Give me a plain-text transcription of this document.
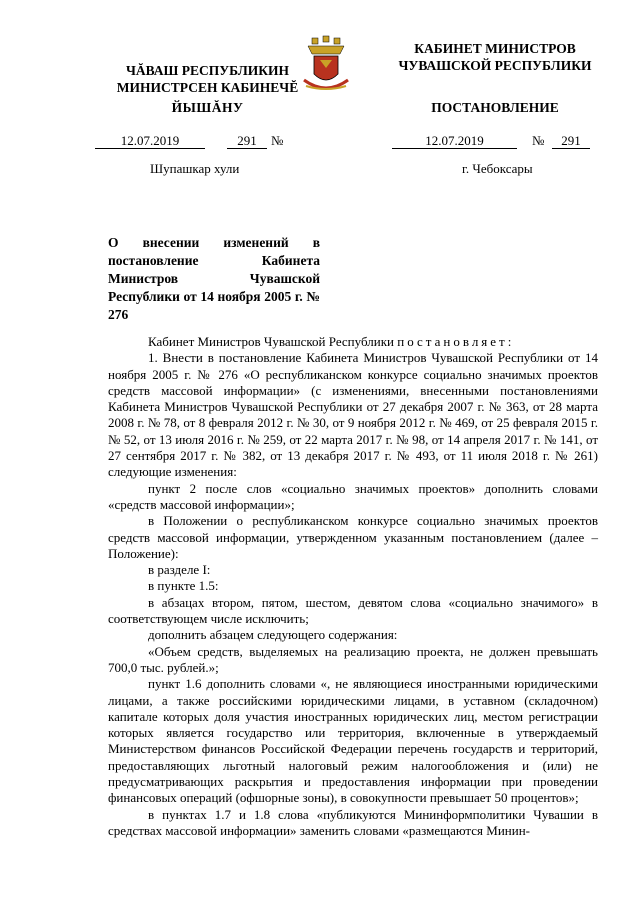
ЧĂВАШ РЕСПУБЛИКИН
МИНИСТРСЕН КАБИНЕЧĔ
ЙЫШĂНУ
КАБИНЕТ МИНИСТРОВ
ЧУВАШСКОЙ РЕСПУБЛИКИ
ПОСТАНОВЛЕНИЕ
12.07.2019	291	№	12.07.2019	№	291
Шупашкар хули	г. Чебоксары
О внесении изменений в постановление Кабинета Министров Чувашской Республики от 14 ноября 2005 г. № 276

Кабинет Министров Чувашской Республики постановляет:

1. Внести в постановление Кабинета Министров Чувашской Республики от 14 ноября 2005 г. № 276 «О республиканском конкурсе социально значимых проектов средств массовой информации» (с изменениями, внесенными постановлениями Кабинета Министров Чувашской Республики от 27 декабря 2007 г. № 363, от 28 марта 2008 г. № 78, от 8 февраля 2012 г. № 30, от 9 ноября 2012 г. № 469, от 25 февраля 2015 г. № 52, от 13 июля 2016 г. № 259, от 22 марта 2017 г. № 98, от 14 апреля 2017 г. № 141, от 27 сентября 2017 г. № 382, от 13 декабря 2017 г. № 493, от 11 июля 2018 г. № 261) следующие изменения:

пункт 2 после слов «социально значимых проектов» дополнить словами «средств массовой информации»;

в Положении о республиканском конкурсе социально значимых проектов средств массовой информации, утвержденном указанным постановлением (далее – Положение):

в разделе I:

в пункте 1.5:

в абзацах втором, пятом, шестом, девятом слова «социально значимого» в соответствующем числе исключить;

дополнить абзацем следующего содержания:

«Объем средств, выделяемых на реализацию проекта, не должен превышать 700,0 тыс. рублей.»;

пункт 1.6 дополнить словами «, не являющиеся иностранными юридическими лицами, а также российскими юридическими лицами, в уставном (складочном) капитале которых доля участия иностранных юридических лиц, местом регистрации которых является государство или территория, включенные в утверждаемый Министерством финансов Российской Федерации перечень государств и территорий, предоставляющих льготный налоговый режим налогообложения и (или) не предусматривающих раскрытия и предоставления информации при проведении финансовых операций (офшорные зоны), в совокупности превышает 50 процентов»;

в пунктах 1.7 и 1.8 слова «публикуются Мининформполитики Чувашии в средствах массовой информации» заменить словами «размещаются Минин-
